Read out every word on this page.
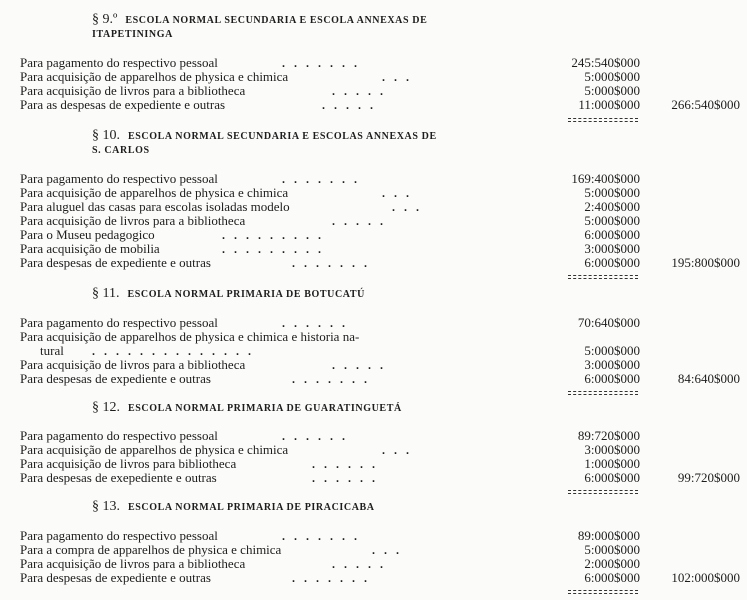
§ 9.º ESCOLA NORMAL SECUNDARIA E ESCOLA ANNEXAS DE
ITAPETININGA
Para pagamento do respectivo pessoal	.......	245:540$000
Para acquisição de apparelhos de physica e chimica	...	5:000$000
Para acquisição de livros para a bibliotheca	.....	5:000$000
Para as despesas de expediente e outras	.....	11:000$000 266:540$000
§ 10. ESCOLA NORMAL SECUNDARIA E ESCOLAS ANNEXAS DE
S. CARLOS
Para pagamento do respectivo pessoal	.......	169:400$000
Para acquisição de apparelhos de physica e chimica	...	5:000$000
Para aluguel das casas para escolas isoladas modelo	...	2:400$000
Para acquisição de livros para a bibliotheca	.....	5:000$000
Para o Museu pedagogico	.........	6:000$000
Para acquisição de mobilia	.........	3:000$000
Para despesas de expediente e outras	.......	6:000$000 195:800$000
§ 11. ESCOLA NORMAL PRIMARIA DE BOTUCATÚ
Para pagamento do respectivo pessoal	......	70:640$000
Para acquisição de apparelhos de physica e chimica e historia na-
tural ..............	5:000$000
Para acquisição de livros para a bibliotheca	.....	3:000$000
Para despesas de expediente e outras	.......	6:000$000	84:640$000
§ 12. ESCOLA NORMAL PRIMARIA DE GUARATINGUETÁ
Para pagamento do respectivo pessoal	......	89:720$000
Para acquisição de apparelhos de physica e chimica	...	3:000$000
Para acquisição de livros para bibliotheca	......	1:000$000
Para despesas de exepediente e outras	......	6:000$000	99:720$000
§ 13. ESCOLA NORMAL PRIMARIA DE PIRACICABA
Para pagamento do respectivo pessoal	.......	89:000$000
Para a compra de apparelhos de physica e chimica	...	5:000$000
Para acquisição de livros para a bibliotheca	.....	2:000$000
Para despesas de expediente e outras	.......	6:000$000 102:000$000
